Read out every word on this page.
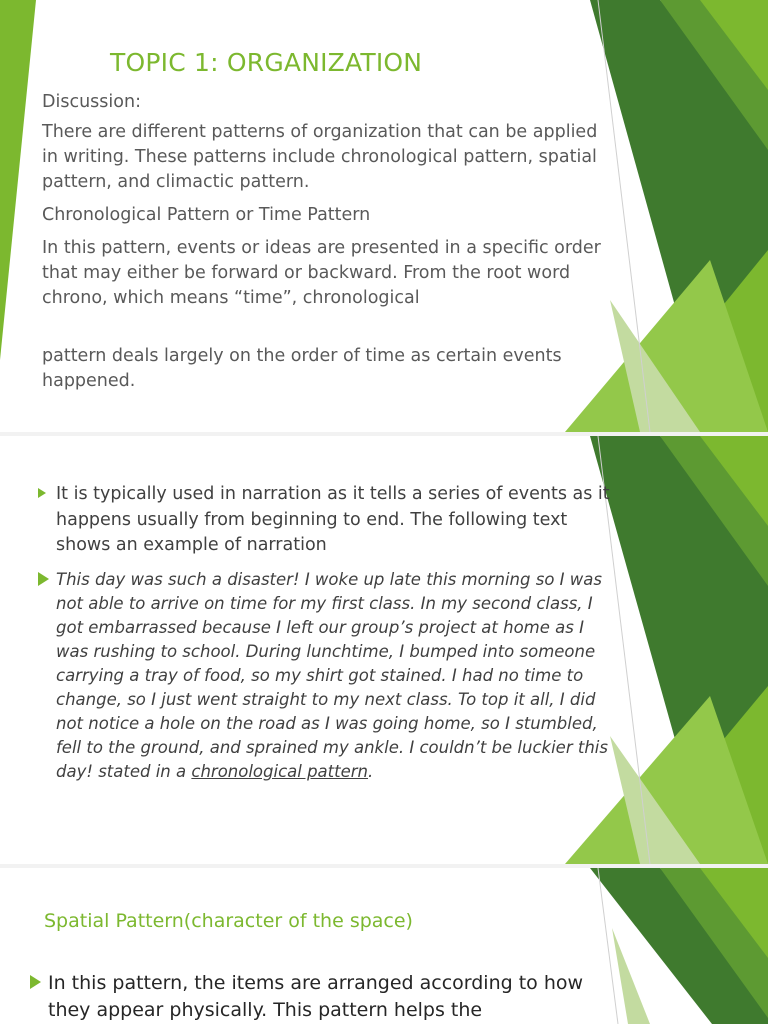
TOPIC 1: ORGANIZATION
Discussion:
There are different patterns of organization that can be applied in writing. These patterns include chronological pattern, spatial pattern, and climactic pattern.
Chronological Pattern or Time Pattern
In this pattern, events or ideas are presented in a specific order that may either be forward or backward. From the root word chrono, which means “time”, chronological
pattern deals largely on the order of time as certain events happened.
It is typically used in narration as it tells a series of events as it happens usually from beginning to end. The following text shows an example of narration
This day was such a disaster! I woke up late this morning so I was not able to arrive on time for my first class. In my second class, I got embarrassed because I left our group’s project at home as I was rushing to school. During lunchtime, I bumped into someone carrying a tray of food, so my shirt got stained. I had no time to change, so I just went straight to my next class. To top it all, I did not notice a hole on the road as I was going home, so I stumbled, fell to the ground, and sprained my ankle. I couldn’t be luckier this day! stated in a chronological pattern.
Spatial Pattern(character of the space)
In this pattern, the items are arranged according to how they appear physically. This pattern helps the
